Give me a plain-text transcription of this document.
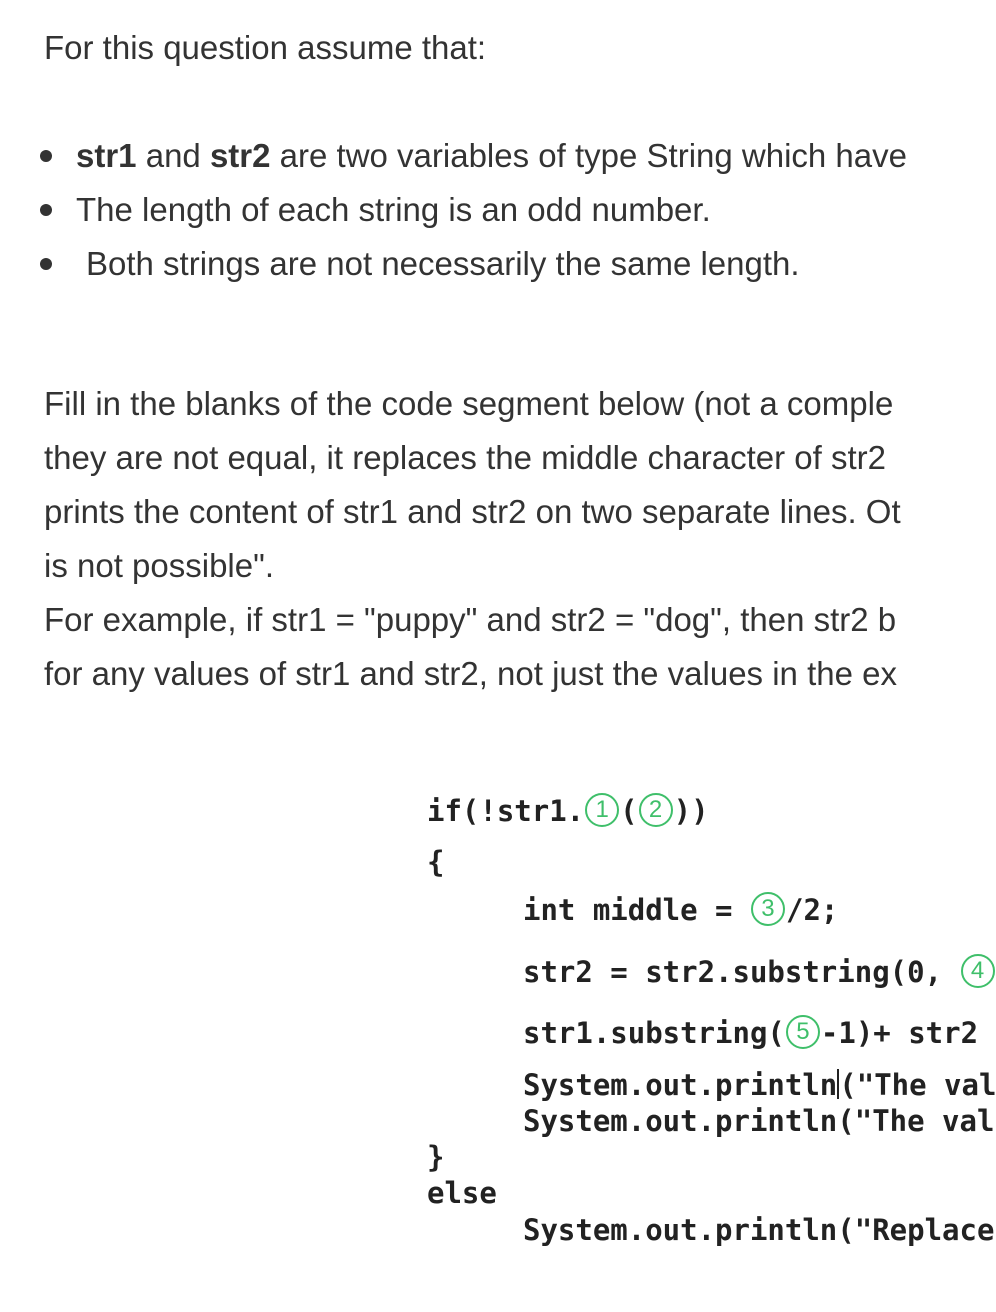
For this question assume that:
str1 and str2 are two variables of type String which have
The length of each string is an odd number.
Both strings are not necessarily the same length.
Fill in the blanks of the code segment below (not a comple
they are not equal, it replaces the middle character of str2
prints the content of str1 and str2 on two separate lines. Ot
is not possible".
For example, if str1 = "puppy" and str2 = "dog", then str2 b
for any values of str1 and str2, not just the values in the ex
if(!str1. 1 ( 2 ))
{
int middle = 3 /2;
str2 = str2.substring(0, 4
str1.substring( 5 -1)+ str2
System.out.println("The val
System.out.println("The val
}
else
System.out.println("Replace
